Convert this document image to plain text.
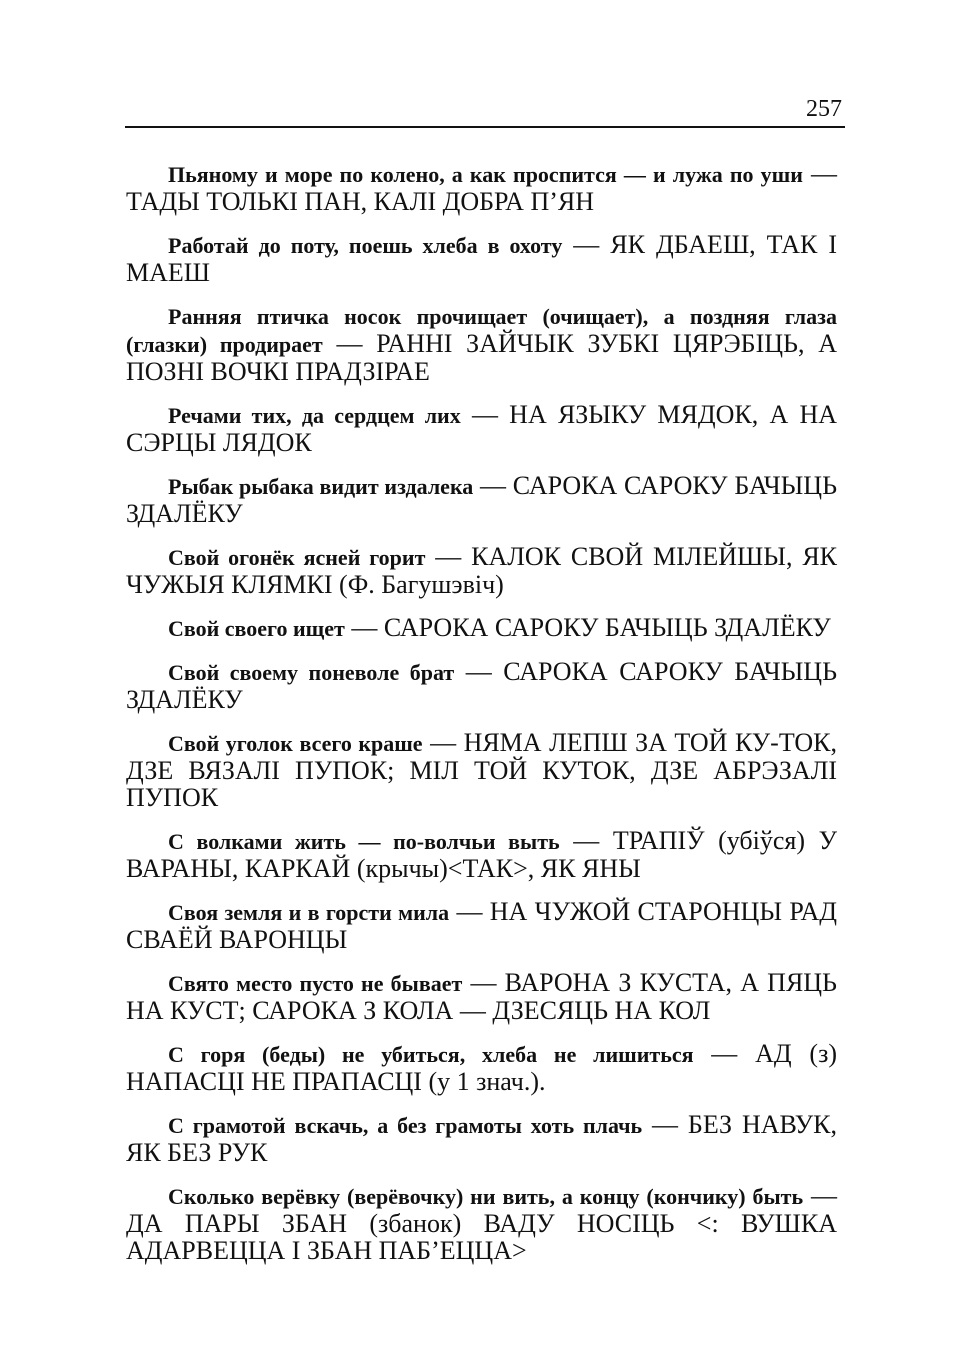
257

Пьяному и море по колено, а как проспится — и лужа по уши — ТАДЫ ТОЛЬКІ ПАН, КАЛІ ДОБРА П’ЯН

Работай до поту, поешь хлеба в охоту — ЯК ДБАЕШ, ТАК І МАЕШ

Ранняя птичка носок прочищает (очищает), а поздняя глаза (глазки) продирает — РАННІ ЗАЙЧЫК ЗУБКІ ЦЯРЭБІЦЬ, А ПОЗНІ ВОЧКІ ПРАДЗІРАЕ

Речами тих, да сердцем лих — НА ЯЗЫКУ МЯДОК, А НА СЭРЦЫ ЛЯДОК

Рыбак рыбака видит издалека — САРОКА САРОКУ БАЧЫЦЬ ЗДАЛЁКУ

Свой огонёк ясней горит — КАЛОК СВОЙ МІЛЕЙШЫ, ЯК ЧУЖЫЯ КЛЯМКІ (Ф. Багушэвіч)

Свой своего ищет — САРОКА САРОКУ БАЧЫЦЬ ЗДАЛЁКУ

Свой своему поневоле брат — САРОКА САРОКУ БАЧЫЦЬ ЗДАЛЁКУ

Свой уголок всего краше — НЯМА ЛЕПШ ЗА ТОЙ КУ-ТОК, ДЗЕ ВЯЗАЛІ ПУПОК; МІЛ ТОЙ КУТОК, ДЗЕ АБРЭЗАЛІ ПУПОК

С волками жить — по-волчьи выть — ТРАПІЎ (убіўся) У ВАРАНЫ, КАРКАЙ (крычы)<ТАК>, ЯК ЯНЫ

Своя земля и в горсти мила — НА ЧУЖОЙ СТАРОНЦЫ РАД СВАЁЙ ВАРОНЦЫ

Свято место пусто не бывает — ВАРОНА З КУСТА, А ПЯЦЬ НА КУСТ; САРОКА З КОЛА — ДЗЕСЯЦЬ НА КОЛ

С горя (беды) не убиться, хлеба не лишиться — АД (з) НАПАСЦІ НЕ ПРАПАСЦІ (у 1 знач.).

С грамотой вскачь, а без грамоты хоть плачь — БЕЗ НАВУК, ЯК БЕЗ РУК

Сколько верёвку (верёвочку) ни вить, а концу (кончику) быть — ДА ПАРЫ ЗБАН (збанок) ВАДУ НОСІЦЬ <: ВУШКА АДАРВЕЦЦА І ЗБАН ПАБ’ЕЦЦА>
